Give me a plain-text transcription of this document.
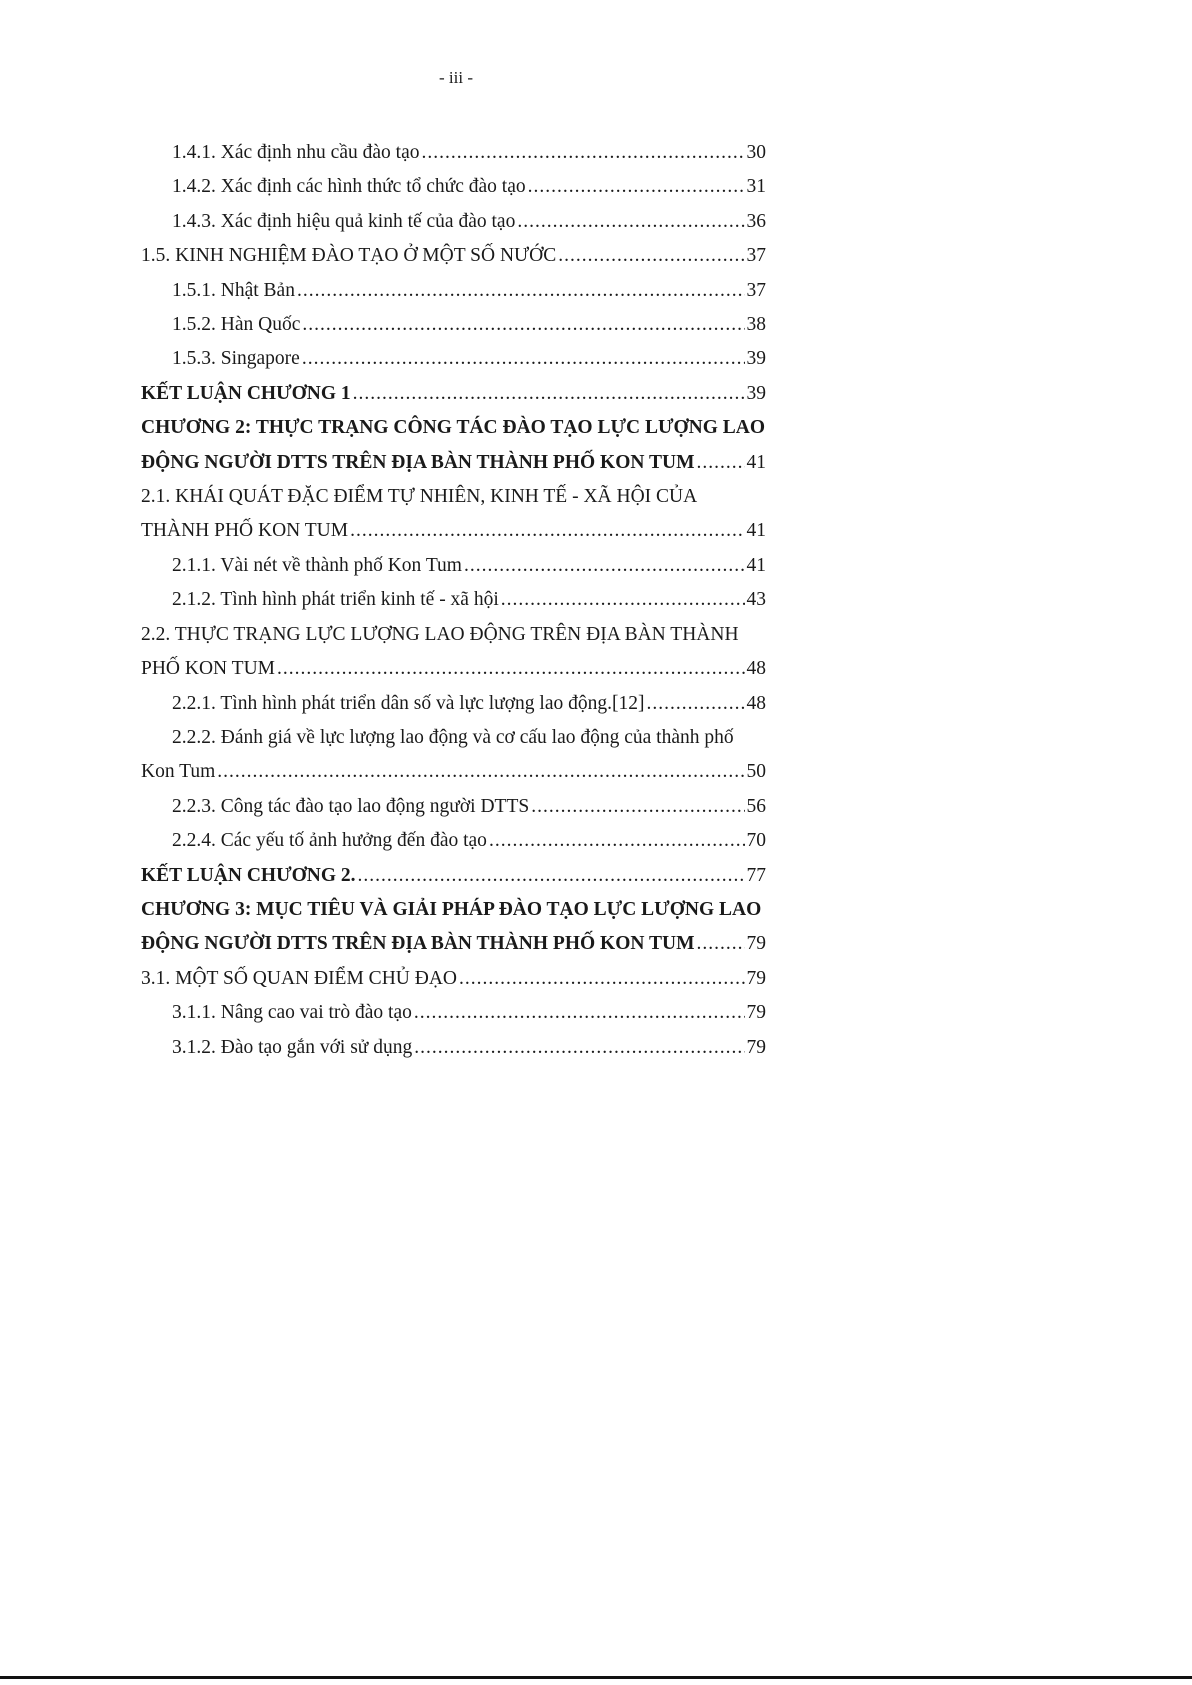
- iii -
1.4.1. Xác định nhu cầu đào tạo .....	30
1.4.2. Xác định các hình thức tổ chức đào tạo .....	31
1.4.3. Xác định hiệu quả kinh tế của đào tạo .....	36
1.5. KINH NGHIỆM ĐÀO TẠO Ở MỘT SỐ NƯỚC .....	37
1.5.1. Nhật Bản .....	37
1.5.2. Hàn Quốc .....	38
1.5.3. Singapore .....	39
KẾT LUẬN CHƯƠNG 1 .....	39
CHƯƠNG 2: THỰC TRẠNG CÔNG TÁC ĐÀO TẠO LỰC LƯỢNG LAO
ĐỘNG NGƯỜI DTTS TRÊN ĐỊA BÀN THÀNH PHỐ KON TUM .....	41
2.1. KHÁI QUÁT ĐẶC ĐIỂM TỰ NHIÊN, KINH TẾ - XÃ HỘI CỦA
THÀNH PHỐ KON TUM .....	41
2.1.1. Vài nét về thành phố Kon Tum .....	41
2.1.2. Tình hình phát triển kinh tế - xã hội .....	43
2.2. THỰC TRẠNG LỰC LƯỢNG LAO ĐỘNG TRÊN ĐỊA BÀN THÀNH
PHỐ KON TUM .....	48
2.2.1. Tình hình phát triển dân số và lực lượng lao động.[12] .....	48
2.2.2. Đánh giá về lực lượng lao động và cơ cấu lao động của thành phố
Kon Tum .....	50
2.2.3. Công tác đào tạo lao động người DTTS .....	56
2.2.4. Các yếu tố ảnh hưởng đến đào tạo .....	70
KẾT LUẬN CHƯƠNG 2. .....	77
CHƯƠNG 3: MỤC TIÊU VÀ GIẢI PHÁP ĐÀO TẠO LỰC LƯỢNG LAO
ĐỘNG NGƯỜI DTTS TRÊN ĐỊA BÀN THÀNH PHỐ KON TUM .....	79
3.1. MỘT SỐ QUAN ĐIỂM CHỦ ĐẠO .....	79
3.1.1. Nâng cao vai trò đào tạo .....	79
3.1.2. Đào tạo gắn với sử dụng .....	79
